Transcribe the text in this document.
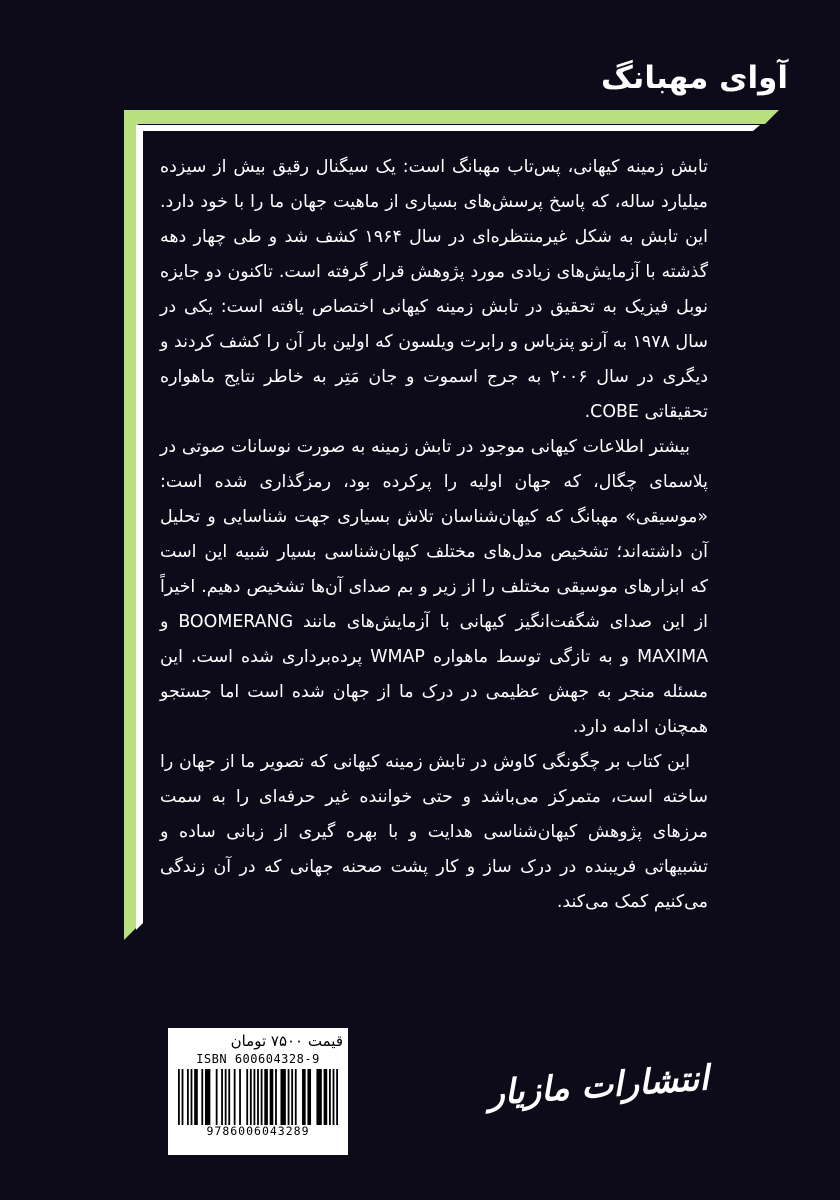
آوای مهبانگ

تابش زمینه کیهانی، پس‌تاب مهبانگ است: یک سیگنال رقیق بیش از سیزده میلیارد ساله، که پاسخ پرسش‌های بسیاری از ماهیت جهان ما را با خود دارد. این تابش به شکل غیرمنتظره‌ای در سال ۱۹۶۴ کشف شد و طی چهار دهه گذشته با آزمایش‌های زیادی مورد پژوهش قرار گرفته است. تاکنون دو جایزه نوبل فیزیک به تحقیق در تابش زمینه کیهانی اختصاص یافته است: یکی در سال ۱۹۷۸ به آرنو پنزیاس و رابرت ویلسون که اولین بار آن را کشف کردند و دیگری در سال ۲۰۰۶ به جرج اسموت و جان مَتِر به خاطر نتایج ماهواره تحقیقاتی COBE.

بیشتر اطلاعات کیهانی موجود در تابش زمینه به صورت نوسانات صوتی در پلاسمای چگال، که جهان اولیه را پرکرده بود، رمزگذاری شده است: «موسیقی» مهبانگ که کیهان‌شناسان تلاش بسیاری جهت شناسایی و تحلیل آن داشته‌اند؛ تشخیص مدل‌های مختلف کیهان‌شناسی بسیار شبیه این است که ابزارهای موسیقی مختلف را از زیر و بم صدای آن‌ها تشخیص دهیم. اخیراً از این صدای شگفت‌انگیز کیهانی با آزمایش‌های مانند BOOMERANG و MAXIMA و به تازگی توسط ماهواره WMAP پرده‌برداری شده است. این مسئله منجر به جهش عظیمی در درک ما از جهان شده است اما جستجو همچنان ادامه دارد.

این کتاب بر چگونگی کاوش در تابش زمینه کیهانی که تصویر ما از جهان را ساخته است، متمرکز می‌باشد و حتی خواننده غیر حرفه‌ای را به سمت مرزهای پژوهش کیهان‌شناسی هدایت و با بهره گیری از زبانی ساده و تشبیهاتی فریبنده در درک ساز و کار پشت صحنه جهانی که در آن زندگی می‌کنیم کمک می‌کند.

قیمت ۷۵۰۰ تومان
ISBN 600604328-9
9786006043289
انتشارات مازیار
